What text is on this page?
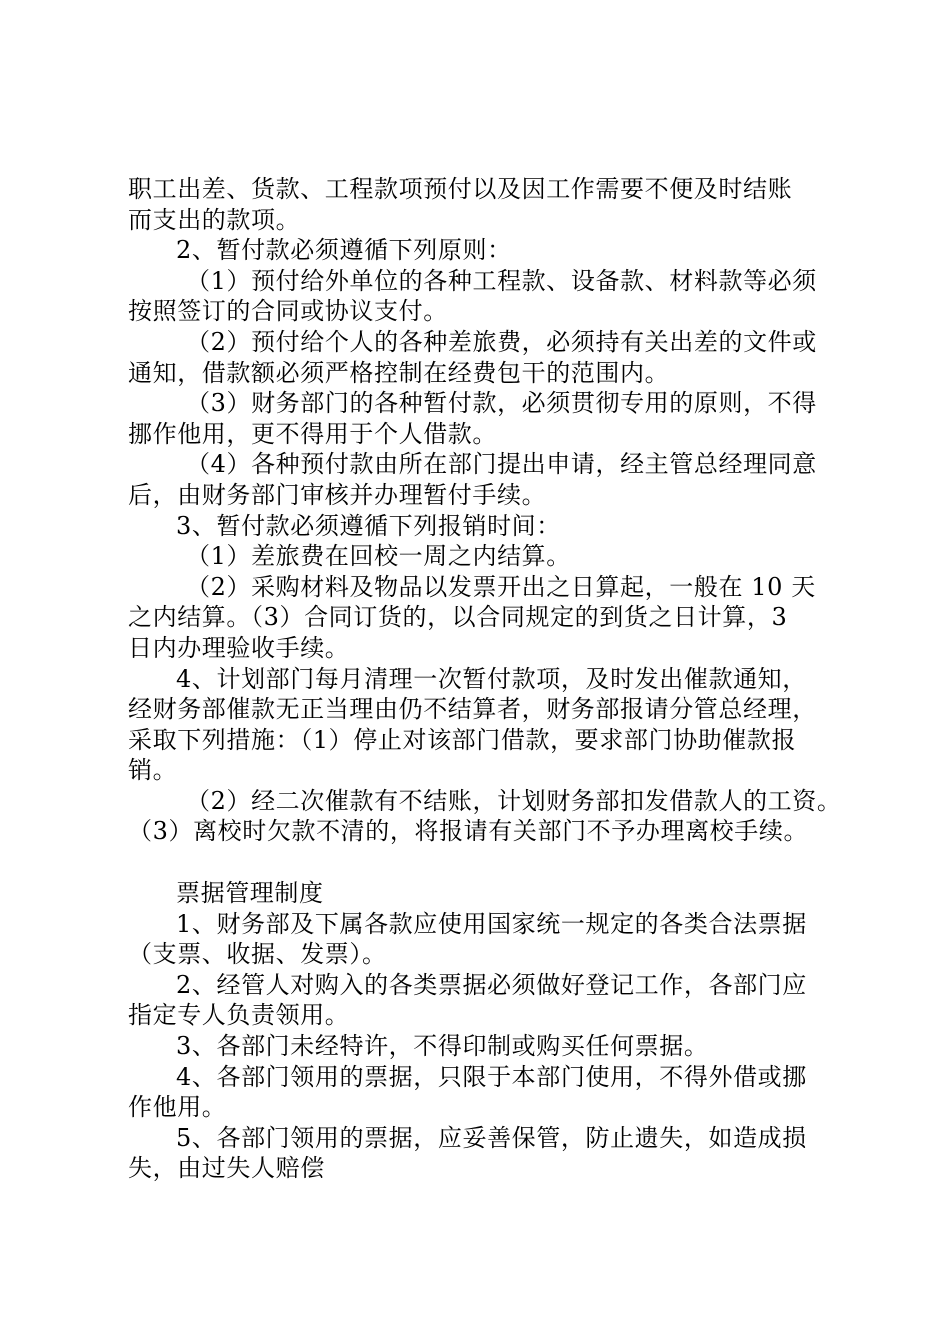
职工出差、货款、工程款项预付以及因工作需要不便及时结账
而支出的款项。

2、暂付款必须遵循下列原则：

（1）预付给外单位的各种工程款、设备款、材料款等必须
按照签订的合同或协议支付。

（2）预付给个人的各种差旅费，必须持有关出差的文件或
通知，借款额必须严格控制在经费包干的范围内。

（3）财务部门的各种暂付款，必须贯彻专用的原则，不得
挪作他用，更不得用于个人借款。

（4）各种预付款由所在部门提出申请，经主管总经理同意
后，由财务部门审核并办理暂付手续。

3、暂付款必须遵循下列报销时间：

（1）差旅费在回校一周之内结算。

（2）采购材料及物品以发票开出之日算起，一般在 10 天
之内结算。（3）合同订货的，以合同规定的到货之日计算，3
日内办理验收手续。

4、计划部门每月清理一次暂付款项，及时发出催款通知，
经财务部催款无正当理由仍不结算者，财务部报请分管总经理，
采取下列措施：（1）停止对该部门借款，要求部门协助催款报
销。

（2）经二次催款有不结账，计划财务部扣发借款人的工资。
（3）离校时欠款不清的，将报请有关部门不予办理离校手续。

票据管理制度

1、财务部及下属各款应使用国家统一规定的各类合法票据
（支票、收据、发票）。

2、经管人对购入的各类票据必须做好登记工作，各部门应
指定专人负责领用。

3、各部门未经特许，不得印制或购买任何票据。

4、各部门领用的票据，只限于本部门使用，不得外借或挪
作他用。

5、各部门领用的票据，应妥善保管，防止遗失，如造成损
失，由过失人赔偿
